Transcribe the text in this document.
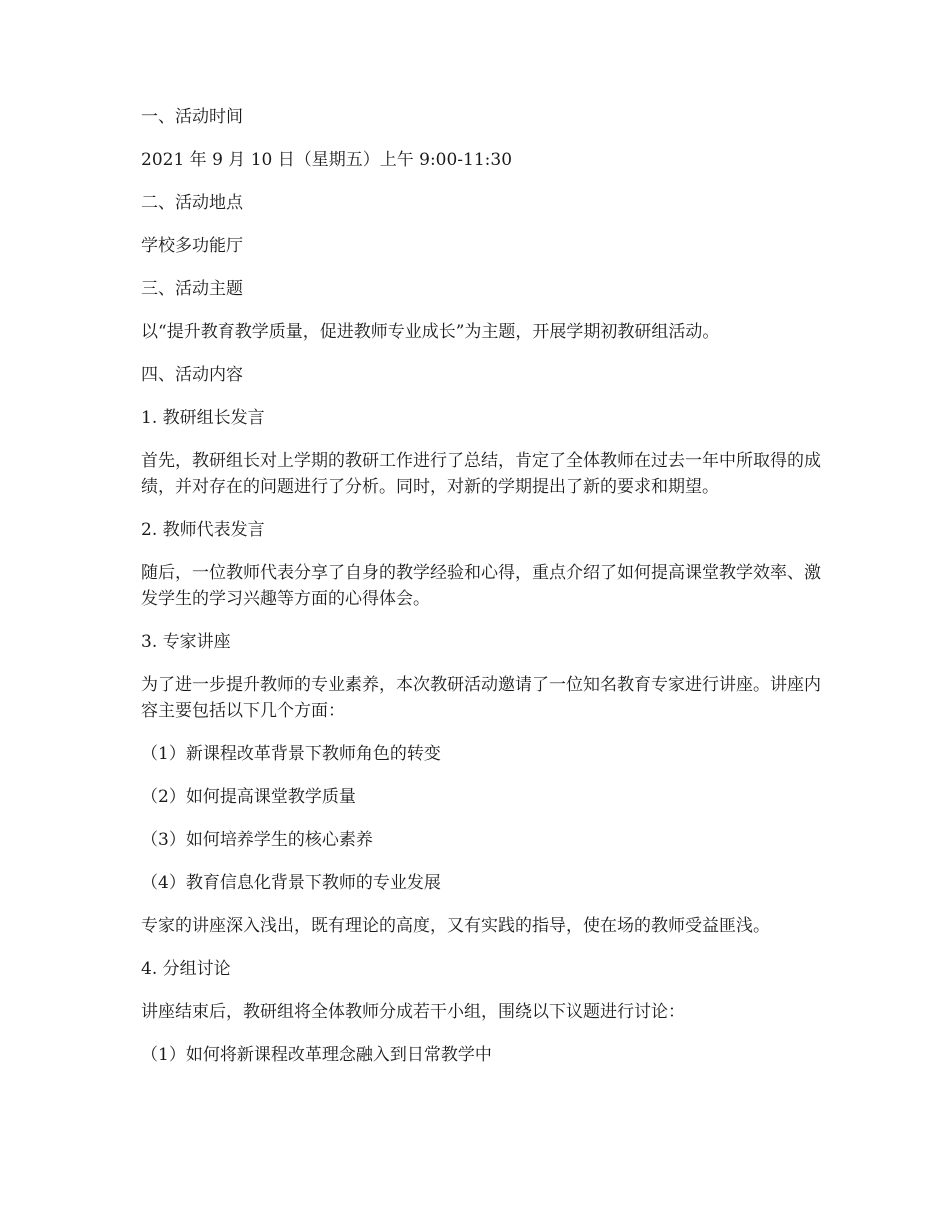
一、活动时间

2021 年 9 月 10 日（星期五）上午 9:00-11:30

二、活动地点

学校多功能厅

三、活动主题

以“提升教育教学质量，促进教师专业成长”为主题，开展学期初教研组活动。

四、活动内容

1. 教研组长发言

首先，教研组长对上学期的教研工作进行了总结，肯定了全体教师在过去一年中所取得的成绩，并对存在的问题进行了分析。同时，对新的学期提出了新的要求和期望。

2. 教师代表发言

随后，一位教师代表分享了自身的教学经验和心得，重点介绍了如何提高课堂教学效率、激发学生的学习兴趣等方面的心得体会。

3. 专家讲座

为了进一步提升教师的专业素养，本次教研活动邀请了一位知名教育专家进行讲座。讲座内容主要包括以下几个方面：

（1）新课程改革背景下教师角色的转变

（2）如何提高课堂教学质量

（3）如何培养学生的核心素养

（4）教育信息化背景下教师的专业发展

专家的讲座深入浅出，既有理论的高度，又有实践的指导，使在场的教师受益匪浅。

4. 分组讨论

讲座结束后，教研组将全体教师分成若干小组，围绕以下议题进行讨论：

（1）如何将新课程改革理念融入到日常教学中
